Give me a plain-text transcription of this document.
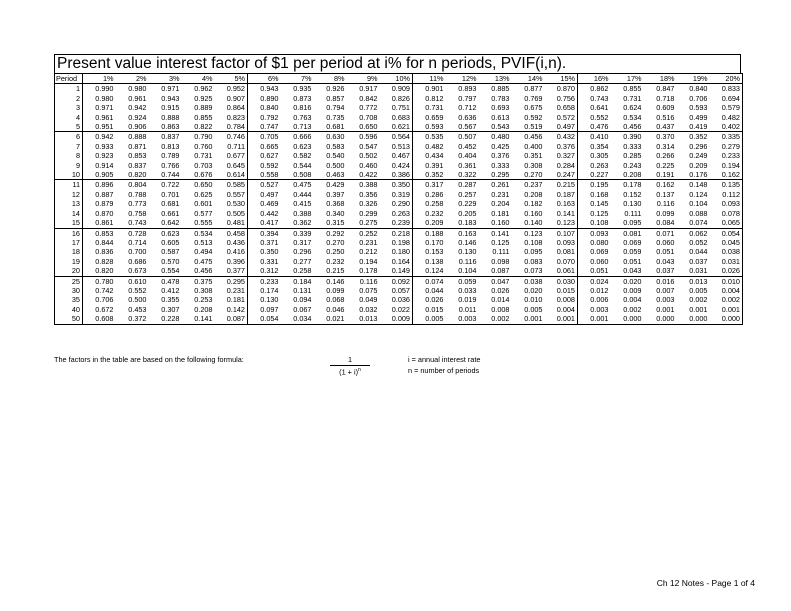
Present value interest factor of $1 per period at i% for n periods, PVIF(i,n).
Period	1%	2%	3%	4%	5%	6%	7%	8%	9%	10%	11%	12%	13%	14%	15%	16%	17%	18%	19%	20%
1	0.990	0.980	0.971	0.962	0.952	0.943	0.935	0.926	0.917	0.909	0.901	0.893	0.885	0.877	0.870	0.862	0.855	0.847	0.840	0.833
2	0.980	0.961	0.943	0.925	0.907	0.890	0.873	0.857	0.842	0.826	0.812	0.797	0.783	0.769	0.756	0.743	0.731	0.718	0.706	0.694
3	0.971	0.942	0.915	0.889	0.864	0.840	0.816	0.794	0.772	0.751	0.731	0.712	0.693	0.675	0.658	0.641	0.624	0.609	0.593	0.579
4	0.961	0.924	0.888	0.855	0.823	0.792	0.763	0.735	0.708	0.683	0.659	0.636	0.613	0.592	0.572	0.552	0.534	0.516	0.499	0.482
5	0.951	0.906	0.863	0.822	0.784	0.747	0.713	0.681	0.650	0.621	0.593	0.567	0.543	0.519	0.497	0.476	0.456	0.437	0.419	0.402
6	0.942	0.888	0.837	0.790	0.746	0.705	0.666	0.630	0.596	0.564	0.535	0.507	0.480	0.456	0.432	0.410	0.390	0.370	0.352	0.335
7	0.933	0.871	0.813	0.760	0.711	0.665	0.623	0.583	0.547	0.513	0.482	0.452	0.425	0.400	0.376	0.354	0.333	0.314	0.296	0.279
8	0.923	0.853	0.789	0.731	0.677	0.627	0.582	0.540	0.502	0.467	0.434	0.404	0.376	0.351	0.327	0.305	0.285	0.266	0.249	0.233
9	0.914	0.837	0.766	0.703	0.645	0.592	0.544	0.500	0.460	0.424	0.391	0.361	0.333	0.308	0.284	0.263	0.243	0.225	0.209	0.194
10	0.905	0.820	0.744	0.676	0.614	0.558	0.508	0.463	0.422	0.386	0.352	0.322	0.295	0.270	0.247	0.227	0.208	0.191	0.176	0.162
11	0.896	0.804	0.722	0.650	0.585	0.527	0.475	0.429	0.388	0.350	0.317	0.287	0.261	0.237	0.215	0.195	0.178	0.162	0.148	0.135
12	0.887	0.788	0.701	0.625	0.557	0.497	0.444	0.397	0.356	0.319	0.286	0.257	0.231	0.208	0.187	0.168	0.152	0.137	0.124	0.112
13	0.879	0.773	0.681	0.601	0.530	0.469	0.415	0.368	0.326	0.290	0.258	0.229	0.204	0.182	0.163	0.145	0.130	0.116	0.104	0.093
14	0.870	0.758	0.661	0.577	0.505	0.442	0.388	0.340	0.299	0.263	0.232	0.205	0.181	0.160	0.141	0.125	0.111	0.099	0.088	0.078
15	0.861	0.743	0.642	0.555	0.481	0.417	0.362	0.315	0.275	0.239	0.209	0.183	0.160	0.140	0.123	0.108	0.095	0.084	0.074	0.065
16	0.853	0.728	0.623	0.534	0.458	0.394	0.339	0.292	0.252	0.218	0.188	0.163	0.141	0.123	0.107	0.093	0.081	0.071	0.062	0.054
17	0.844	0.714	0.605	0.513	0.436	0.371	0.317	0.270	0.231	0.198	0.170	0.146	0.125	0.108	0.093	0.080	0.069	0.060	0.052	0.045
18	0.836	0.700	0.587	0.494	0.416	0.350	0.296	0.250	0.212	0.180	0.153	0.130	0.111	0.095	0.081	0.069	0.059	0.051	0.044	0.038
19	0.828	0.686	0.570	0.475	0.396	0.331	0.277	0.232	0.194	0.164	0.138	0.116	0.098	0.083	0.070	0.060	0.051	0.043	0.037	0.031
20	0.820	0.673	0.554	0.456	0.377	0.312	0.258	0.215	0.178	0.149	0.124	0.104	0.087	0.073	0.061	0.051	0.043	0.037	0.031	0.026
25	0.780	0.610	0.478	0.375	0.295	0.233	0.184	0.146	0.116	0.092	0.074	0.059	0.047	0.038	0.030	0.024	0.020	0.016	0.013	0.010
30	0.742	0.552	0.412	0.308	0.231	0.174	0.131	0.099	0.075	0.057	0.044	0.033	0.026	0.020	0.015	0.012	0.009	0.007	0.005	0.004
35	0.706	0.500	0.355	0.253	0.181	0.130	0.094	0.068	0.049	0.036	0.026	0.019	0.014	0.010	0.008	0.006	0.004	0.003	0.002	0.002
40	0.672	0.453	0.307	0.208	0.142	0.097	0.067	0.046	0.032	0.022	0.015	0.011	0.008	0.005	0.004	0.003	0.002	0.001	0.001	0.001
50	0.608	0.372	0.228	0.141	0.087	0.054	0.034	0.021	0.013	0.009	0.005	0.003	0.002	0.001	0.001	0.001	0.000	0.000	0.000	0.000
The factors in the table are based on the following formula:	$\frac{1}{(1 + i)^n}$	i = annual interest rate
n = number of periods
Ch 12 Notes - Page 1 of 4
